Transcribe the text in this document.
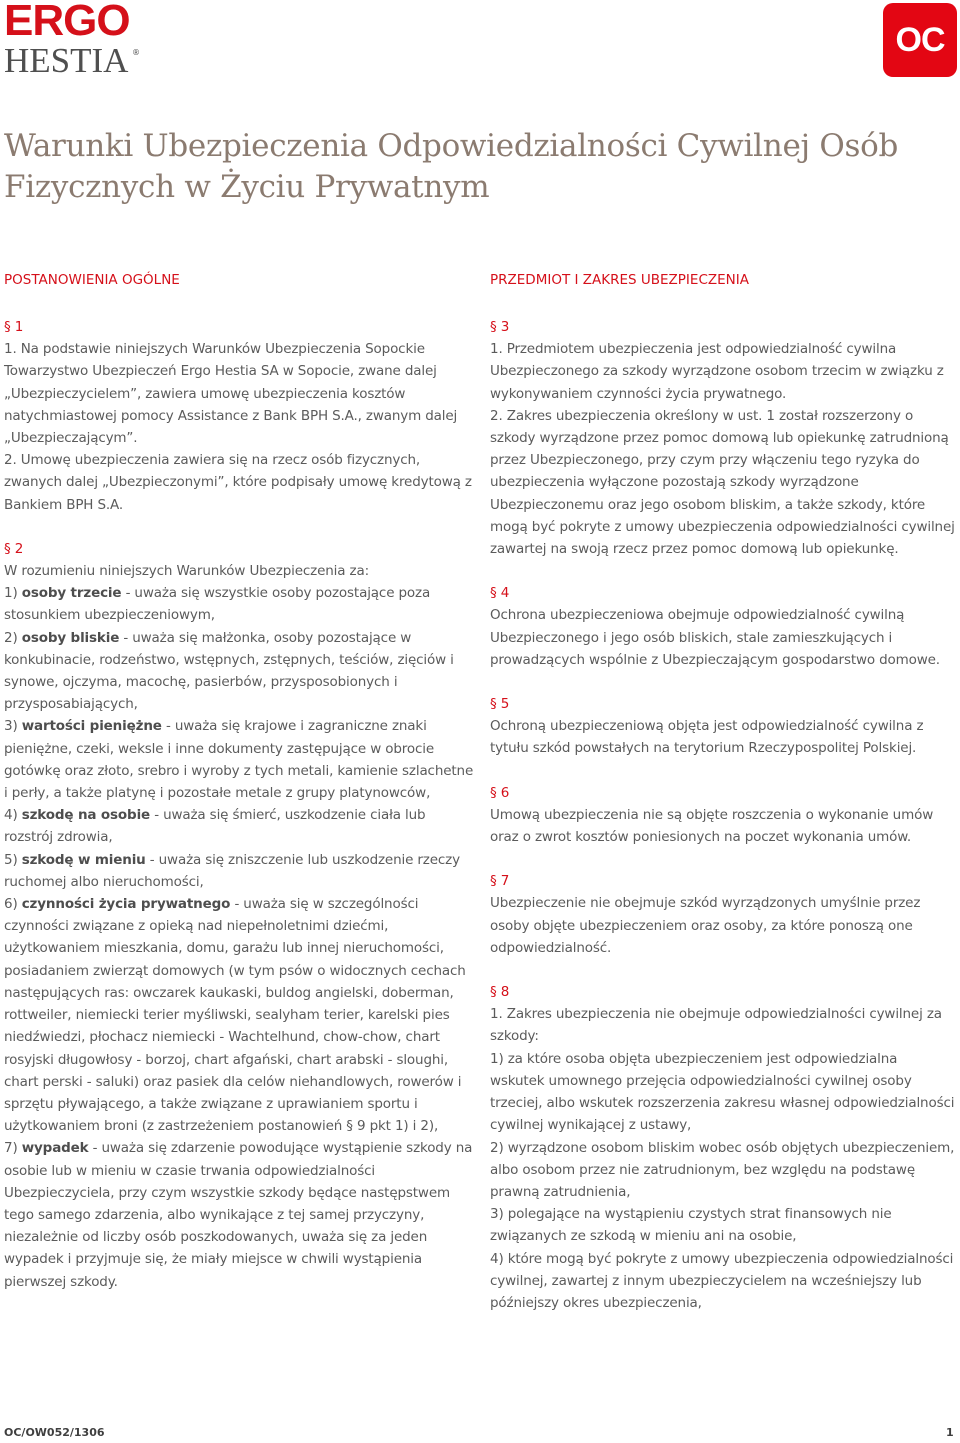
ERGO
HESTIA ®	OC
Warunki Ubezpieczenia Odpowiedzialności Cywilnej Osób Fizycznych w Życiu Prywatnym
POSTANOWIENIA OGÓLNE	PRZEDMIOT I ZAKRES UBEZPIECZENIA

§ 1

1. Na podstawie niniejszych Warunków Ubezpieczenia Sopockie Towarzystwo Ubezpieczeń Ergo Hestia SA w Sopocie, zwane dalej „Ubezpieczycielem”, zawiera umowę ubezpieczenia kosztów natychmiastowej pomocy Assistance z Bank BPH S.A., zwanym dalej „Ubezpieczającym”.

2. Umowę ubezpieczenia zawiera się na rzecz osób fizycznych, zwanych dalej „Ubezpieczonymi”, które podpisały umowę kredytową z Bankiem BPH S.A.

§ 2

W rozumieniu niniejszych Warunków Ubezpieczenia za:

1) osoby trzecie - uważa się wszystkie osoby pozostające poza stosunkiem ubezpieczeniowym,

2) osoby bliskie - uważa się małżonka, osoby pozostające w konkubinacie, rodzeństwo, wstępnych, zstępnych, teściów, zięciów i synowe, ojczyma, macochę, pasierbów, przysposobionych i przysposabiających,

3) wartości pieniężne - uważa się krajowe i zagraniczne znaki pieniężne, czeki, weksle i inne dokumenty zastępujące w obrocie gotówkę oraz złoto, srebro i wyroby z tych metali, kamienie szlachetne i perły, a także platynę i pozostałe metale z grupy platynowców,

4) szkodę na osobie - uważa się śmierć, uszkodzenie ciała lub rozstrój zdrowia,

5) szkodę w mieniu - uważa się zniszczenie lub uszkodzenie rzeczy ruchomej albo nieruchomości,

6) czynności życia prywatnego - uważa się w szczególności czynności związane z opieką nad niepełnoletnimi dziećmi, użytkowaniem mieszkania, domu, garażu lub innej nieruchomości, posiadaniem zwierząt domowych (w tym psów o widocznych cechach następujących ras: owczarek kaukaski, buldog angielski, doberman, rottweiler, niemiecki terier myśliwski, sealyham terier, karelski pies niedźwiedzi, płochacz niemiecki - Wachtelhund, chow-chow, chart rosyjski długowłosy - borzoj, chart afgański, chart arabski - sloughi, chart perski - saluki) oraz pasiek dla celów niehandlowych, rowerów i sprzętu pływającego, a także związane z uprawianiem sportu i użytkowaniem broni (z zastrzeżeniem postanowień § 9 pkt 1) i 2),

7) wypadek - uważa się zdarzenie powodujące wystąpienie szkody na osobie lub w mieniu w czasie trwania odpowiedzialności Ubezpieczyciela, przy czym wszystkie szkody będące następstwem tego samego zdarzenia, albo wynikające z tej samej przyczyny, niezależnie od liczby osób poszkodowanych, uważa się za jeden wypadek i przyjmuje się, że miały miejsce w chwili wystąpienia pierwszej szkody.

§ 3

1. Przedmiotem ubezpieczenia jest odpowiedzialność cywilna Ubezpieczonego za szkody wyrządzone osobom trzecim w związku z wykonywaniem czynności życia prywatnego.

2. Zakres ubezpieczenia określony w ust. 1 został rozszerzony o szkody wyrządzone przez pomoc domową lub opiekunkę zatrudnioną przez Ubezpieczonego, przy czym przy włączeniu tego ryzyka do ubezpieczenia wyłączone pozostają szkody wyrządzone Ubezpieczonemu oraz jego osobom bliskim, a także szkody, które mogą być pokryte z umowy ubezpieczenia odpowiedzialności cywilnej zawartej na swoją rzecz przez pomoc domową lub opiekunkę.

§ 4

Ochrona ubezpieczeniowa obejmuje odpowiedzialność cywilną Ubezpieczonego i jego osób bliskich, stale zamieszkujących i prowadzących wspólnie z Ubezpieczającym gospodarstwo domowe.

§ 5

Ochroną ubezpieczeniową objęta jest odpowiedzialność cywilna z tytułu szkód powstałych na terytorium Rzeczypospolitej Polskiej.

§ 6

Umową ubezpieczenia nie są objęte roszczenia o wykonanie umów oraz o zwrot kosztów poniesionych na poczet wykonania umów.

§ 7

Ubezpieczenie nie obejmuje szkód wyrządzonych umyślnie przez osoby objęte ubezpieczeniem oraz osoby, za które ponoszą one odpowiedzialność.

§ 8

1. Zakres ubezpieczenia nie obejmuje odpowiedzialności cywilnej za szkody:

1) za które osoba objęta ubezpieczeniem jest odpowiedzialna wskutek umownego przejęcia odpowiedzialności cywilnej osoby trzeciej, albo wskutek rozszerzenia zakresu własnej odpowiedzialności cywilnej wynikającej z ustawy,

2) wyrządzone osobom bliskim wobec osób objętych ubezpieczeniem, albo osobom przez nie zatrudnionym, bez względu na podstawę prawną zatrudnienia,

3) polegające na wystąpieniu czystych strat finansowych nie związanych ze szkodą w mieniu ani na osobie,

4) które mogą być pokryte z umowy ubezpieczenia odpowiedzialności cywilnej, zawartej z innym ubezpieczycielem na wcześniejszy lub późniejszy okres ubezpieczenia,

OC/OW052/1306	1
